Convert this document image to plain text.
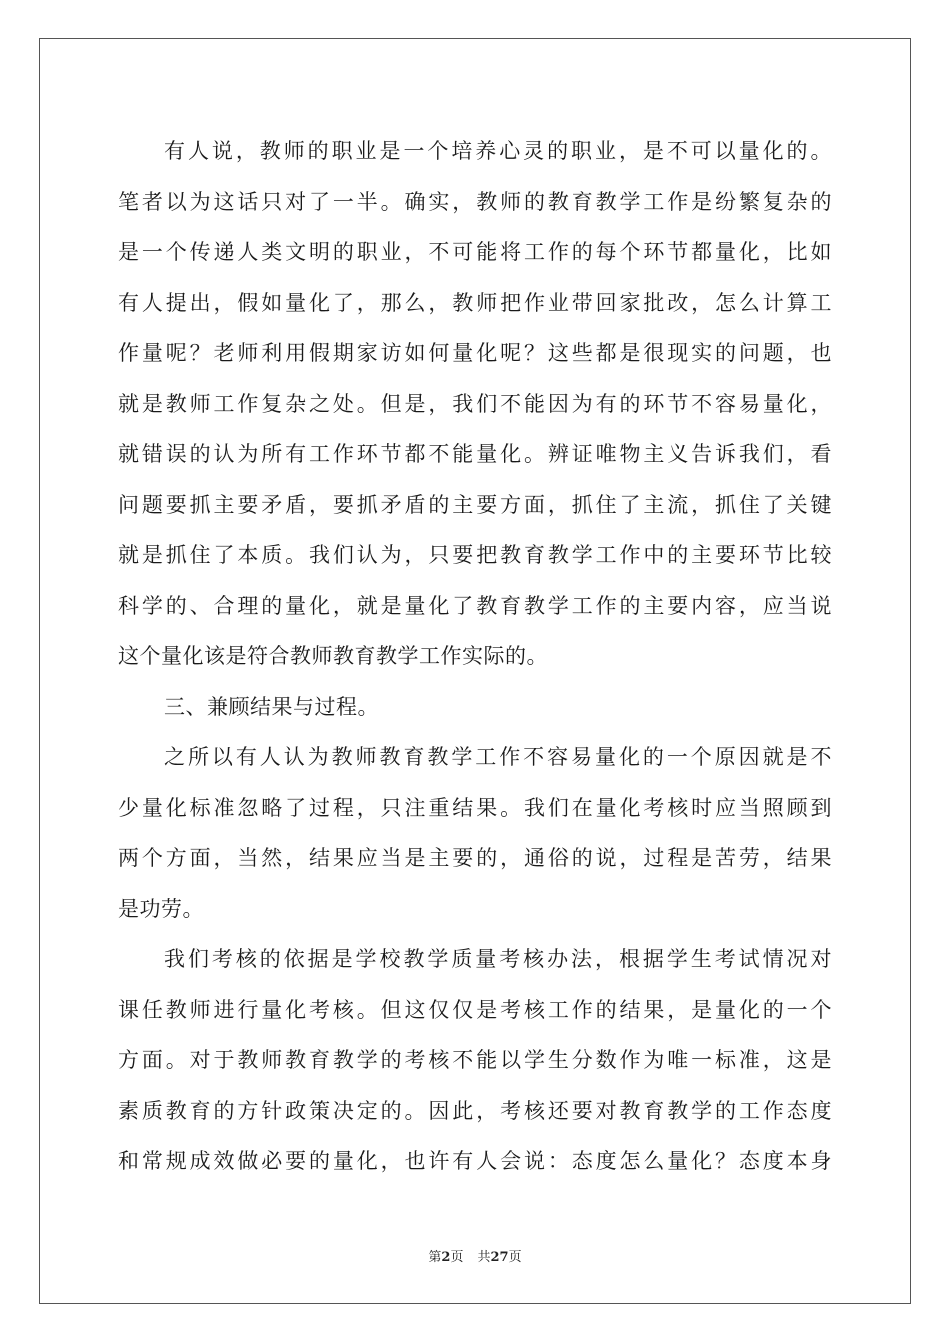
有人说，教师的职业是一个培养心灵的职业，是不可以量化的。
笔者以为这话只对了一半。确实，教师的教育教学工作是纷繁复杂的
是一个传递人类文明的职业，不可能将工作的每个环节都量化，比如
有人提出，假如量化了，那么，教师把作业带回家批改，怎么计算工
作量呢？老师利用假期家访如何量化呢？这些都是很现实的问题，也
就是教师工作复杂之处。但是，我们不能因为有的环节不容易量化，
就错误的认为所有工作环节都不能量化。辨证唯物主义告诉我们，看
问题要抓主要矛盾，要抓矛盾的主要方面，抓住了主流，抓住了关键
就是抓住了本质。我们认为，只要把教育教学工作中的主要环节比较
科学的、合理的量化，就是量化了教育教学工作的主要内容，应当说
这个量化该是符合教师教育教学工作实际的。
三、兼顾结果与过程。
之所以有人认为教师教育教学工作不容易量化的一个原因就是不
少量化标准忽略了过程，只注重结果。我们在量化考核时应当照顾到
两个方面，当然，结果应当是主要的，通俗的说，过程是苦劳，结果
是功劳。
我们考核的依据是学校教学质量考核办法，根据学生考试情况对
课任教师进行量化考核。但这仅仅是考核工作的结果，是量化的一个
方面。对于教师教育教学的考核不能以学生分数作为唯一标准，这是
素质教育的方针政策决定的。因此，考核还要对教育教学的工作态度
和常规成效做必要的量化，也许有人会说：态度怎么量化？态度本身
第2页 共27页
